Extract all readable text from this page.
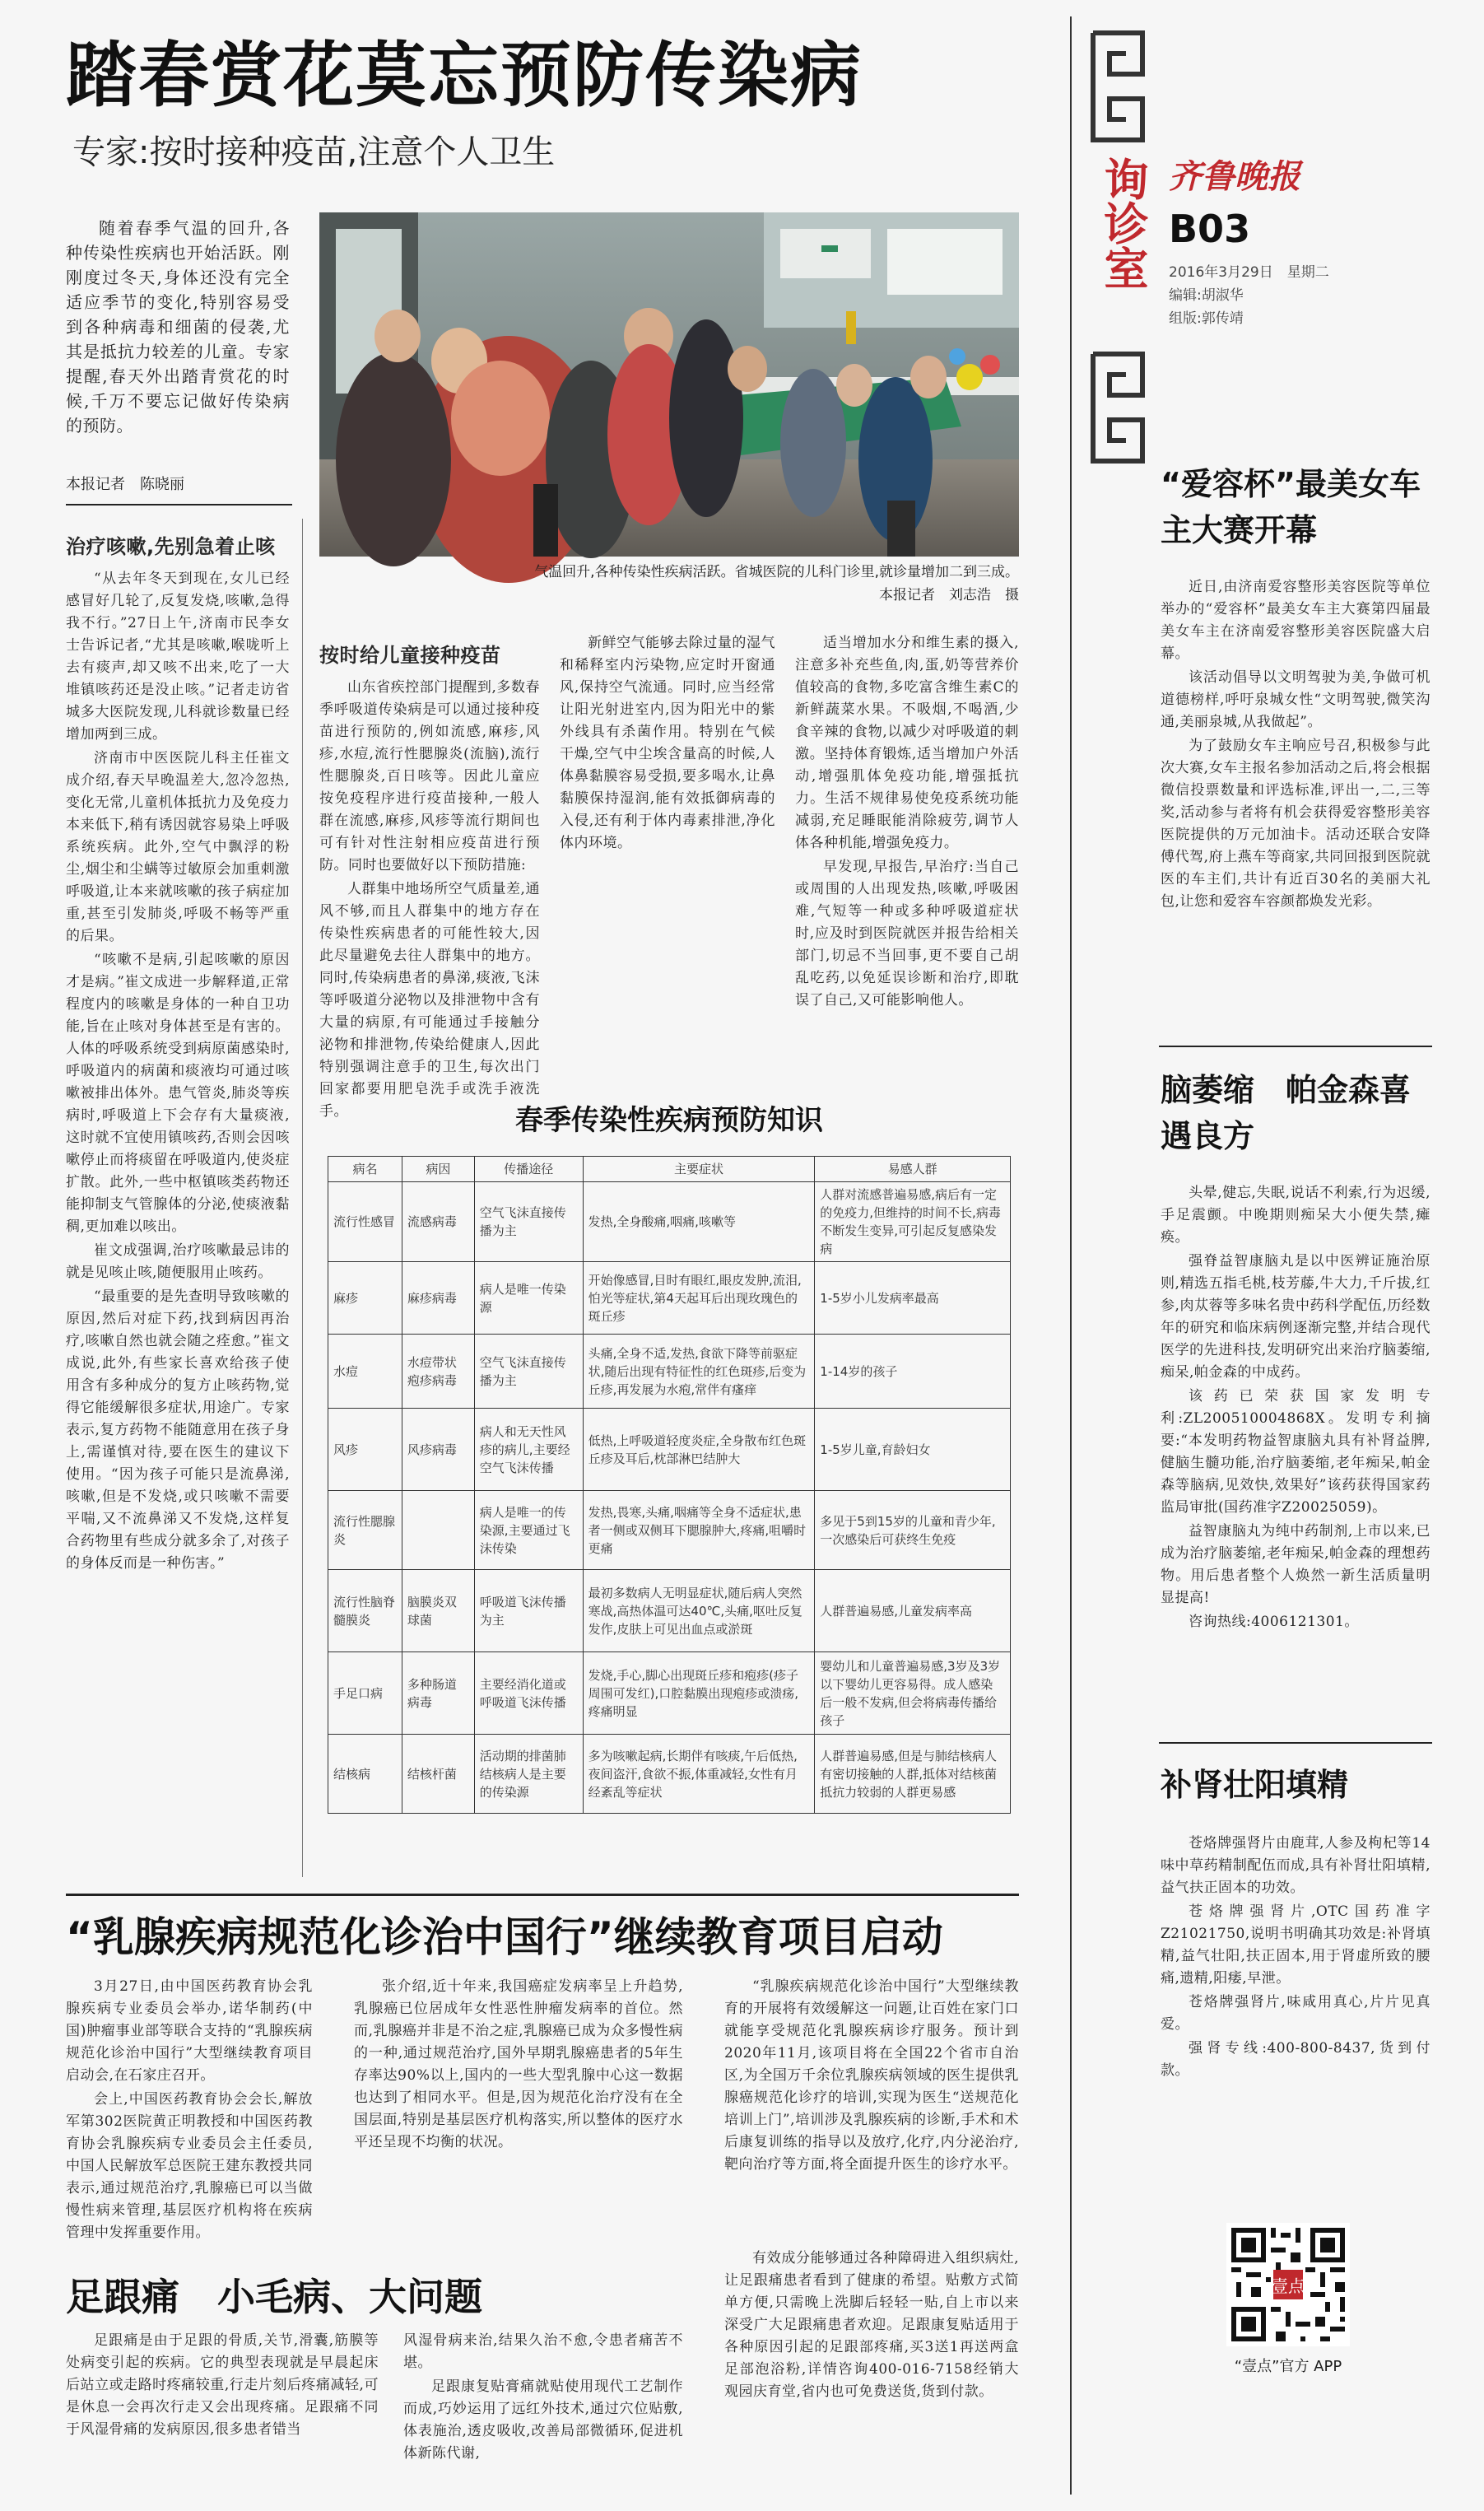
踏春赏花莫忘预防传染病
专家:按时接种疫苗,注意个人卫生

随着春季气温的回升,各种传染性疾病也开始活跃。刚刚度过冬天,身体还没有完全适应季节的变化,特别容易受到各种病毒和细菌的侵袭,尤其是抵抗力较差的儿童。专家提醒,春天外出踏青赏花的时候,千万不要忘记做好传染病的预防。

本报记者　陈晓丽
气温回升,各种传染性疾病活跃。省城医院的儿科门诊里,就诊量增加二到三成。
本报记者　刘志浩　摄
治疗咳嗽,先别急着止咳

“从去年冬天到现在,女儿已经感冒好几轮了,反复发烧,咳嗽,急得我不行。”27日上午,济南市民李女士告诉记者,“尤其是咳嗽,喉咙听上去有痰声,却又咳不出来,吃了一大堆镇咳药还是没止咳。”记者走访省城多大医院发现,儿科就诊数量已经增加两到三成。

济南市中医医院儿科主任崔文成介绍,春天早晚温差大,忽冷忽热,变化无常,儿童机体抵抗力及免疫力本来低下,稍有诱因就容易染上呼吸系统疾病。此外,空气中飘浮的粉尘,烟尘和尘螨等过敏原会加重刺激呼吸道,让本来就咳嗽的孩子病症加重,甚至引发肺炎,呼吸不畅等严重的后果。

“咳嗽不是病,引起咳嗽的原因才是病。”崔文成进一步解释道,正常程度内的咳嗽是身体的一种自卫功能,旨在止咳对身体甚至是有害的。人体的呼吸系统受到病原菌感染时,呼吸道内的病菌和痰液均可通过咳嗽被排出体外。患气管炎,肺炎等疾病时,呼吸道上下会存有大量痰液,这时就不宜使用镇咳药,否则会因咳嗽停止而将痰留在呼吸道内,使炎症扩散。此外,一些中枢镇咳类药物还能抑制支气管腺体的分泌,使痰液黏稠,更加难以咳出。

崔文成强调,治疗咳嗽最忌讳的就是见咳止咳,随便服用止咳药。

“最重要的是先查明导致咳嗽的原因,然后对症下药,找到病因再治疗,咳嗽自然也就会随之痊愈。”崔文成说,此外,有些家长喜欢给孩子使用含有多种成分的复方止咳药物,觉得它能缓解很多症状,用途广。专家表示,复方药物不能随意用在孩子身上,需谨慎对待,要在医生的建议下使用。“因为孩子可能只是流鼻涕,咳嗽,但是不发烧,或只咳嗽不需要平喘,又不流鼻涕又不发烧,这样复合药物里有些成分就多余了,对孩子的身体反而是一种伤害。”

按时给儿童接种疫苗

山东省疾控部门提醒到,多数春季呼吸道传染病是可以通过接种疫苗进行预防的,例如流感,麻疹,风疹,水痘,流行性腮腺炎(流脑),流行性腮腺炎,百日咳等。因此儿童应按免疫程序进行疫苗接种,一般人群在流感,麻疹,风疹等流行期间也可有针对性注射相应疫苗进行预防。同时也要做好以下预防措施:

人群集中地场所空气质量差,通风不够,而且人群集中的地方存在传染性疾病患者的可能性较大,因此尽量避免去往人群集中的地方。同时,传染病患者的鼻涕,痰液,飞沫等呼吸道分泌物以及排泄物中含有大量的病原,有可能通过手接触分泌物和排泄物,传染给健康人,因此特别强调注意手的卫生,每次出门回家都要用肥皂洗手或洗手液洗手。

新鲜空气能够去除过量的湿气和稀释室内污染物,应定时开窗通风,保持空气流通。同时,应当经常让阳光射进室内,因为阳光中的紫外线具有杀菌作用。特别在气候干燥,空气中尘埃含量高的时候,人体鼻黏膜容易受损,要多喝水,让鼻黏膜保持湿润,能有效抵御病毒的入侵,还有利于体内毒素排泄,净化体内环境。

适当增加水分和维生素的摄入,注意多补充些鱼,肉,蛋,奶等营养价值较高的食物,多吃富含维生素C的新鲜蔬菜水果。不吸烟,不喝酒,少食辛辣的食物,以减少对呼吸道的刺激。坚持体育锻炼,适当增加户外活动,增强肌体免疫功能,增强抵抗力。生活不规律易使免疫系统功能减弱,充足睡眠能消除疲劳,调节人体各种机能,增强免疫力。

早发现,早报告,早治疗:当自己或周围的人出现发热,咳嗽,呼吸困难,气短等一种或多种呼吸道症状时,应及时到医院就医并报告给相关部门,切忌不当回事,更不要自己胡乱吃药,以免延误诊断和治疗,即耽误了自己,又可能影响他人。

春季传染性疾病预防知识
病名	病因	传播途径	主要症状	易感人群
流行性感冒	流感病毒	空气飞沫直接传播为主	发热,全身酸痛,咽痛,咳嗽等	人群对流感普遍易感,病后有一定的免疫力,但维持的时间不长,病毒不断发生变异,可引起反复感染发病
麻疹	麻疹病毒	病人是唯一传染源	开始像感冒,目时有眼红,眼皮发肿,流泪,怕光等症状,第4天起耳后出现玫瑰色的斑丘疹	1-5岁小儿发病率最高
水痘	水痘带状疱疹病毒	空气飞沫直接传播为主	头痛,全身不适,发热,食欲下降等前驱症状,随后出现有特征性的红色斑疹,后变为丘疹,再发展为水疱,常伴有瘙痒	1-14岁的孩子
风疹	风疹病毒	病人和无天性风疹的病儿,主要经空气飞沫传播	低热,上呼吸道轻度炎症,全身散布红色斑丘疹及耳后,枕部淋巴结肿大	1-5岁儿童,育龄妇女
流行性腮腺炎		病人是唯一的传染源,主要通过飞沫传染	发热,畏寒,头痛,咽痛等全身不适症状,患者一侧或双侧耳下腮腺肿大,疼痛,咀嚼时更痛	多见于5到15岁的儿童和青少年,一次感染后可获终生免疫
流行性脑脊髓膜炎	脑膜炎双球菌	呼吸道飞沫传播为主	最初多数病人无明显症状,随后病人突然寒战,高热体温可达40℃,头痛,呕吐反复发作,皮肤上可见出血点或淤斑	人群普遍易感,儿童发病率高
手足口病	多种肠道病毒	主要经消化道或呼吸道飞沫传播	发烧,手心,脚心出现斑丘疹和疱疹(疹子周围可发红),口腔黏膜出现疱疹或溃疡,疼痛明显	婴幼儿和儿童普遍易感,3岁及3岁以下婴幼儿更容易得。成人感染后一般不发病,但会将病毒传播给孩子
结核病	结核杆菌	活动期的排菌肺结核病人是主要的传染源	多为咳嗽起病,长期伴有咳痰,午后低热,夜间盗汗,食欲不振,体重减轻,女性有月经紊乱等症状	人群普遍易感,但是与肺结核病人有密切接触的人群,抵体对结核菌抵抗力较弱的人群更易感
“乳腺疾病规范化诊治中国行”继续教育项目启动

3月27日,由中国医药教育协会乳腺疾病专业委员会举办,诺华制药(中国)肿瘤事业部等联合支持的“乳腺疾病规范化诊治中国行”大型继续教育项目启动会,在石家庄召开。

会上,中国医药教育协会会长,解放军第302医院黄正明教授和中国医药教育协会乳腺疾病专业委员会主任委员,中国人民解放军总医院王建东教授共同表示,通过规范治疗,乳腺癌已可以当做慢性病来管理,基层医疗机构将在疾病管理中发挥重要作用。

张介绍,近十年来,我国癌症发病率呈上升趋势,乳腺癌已位居成年女性恶性肿瘤发病率的首位。然而,乳腺癌并非是不治之症,乳腺癌已成为众多慢性病的一种,通过规范治疗,国外早期乳腺癌患者的5年生存率达90%以上,国内的一些大型乳腺中心这一数据也达到了相同水平。但是,因为规范化治疗没有在全国层面,特别是基层医疗机构落实,所以整体的医疗水平还呈现不均衡的状况。

“乳腺疾病规范化诊治中国行”大型继续教育的开展将有效缓解这一问题,让百姓在家门口就能享受规范化乳腺疾病诊疗服务。预计到2020年11月,该项目将在全国22个省市自治区,为全国万千余位乳腺疾病领域的医生提供乳腺癌规范化诊疗的培训,实现为医生“送规范化培训上门”,培训涉及乳腺疾病的诊断,手术和术后康复训练的指导以及放疗,化疗,内分泌治疗,靶向治疗等方面,将全面提升医生的诊疗水平。

足跟痛　小毛病、大问题

足跟痛是由于足跟的骨质,关节,滑囊,筋膜等处病变引起的疾病。它的典型表现就是早晨起床后站立或走路时疼痛较重,行走片刻后疼痛减轻,可是休息一会再次行走又会出现疼痛。足跟痛不同于风湿骨痛的发病原因,很多患者错当

风湿骨病来治,结果久治不愈,令患者痛苦不堪。

足跟康复贴膏痛就贴使用现代工艺制作而成,巧妙运用了远红外技术,通过穴位贴敷,体表施治,透皮吸收,改善局部微循环,促进机体新陈代谢,

有效成分能够通过各种障碍进入组织病灶,让足跟痛患者看到了健康的希望。贴敷方式简单方便,只需晚上洗脚后轻轻一贴,自上市以来深受广大足跟痛患者欢迎。足跟康复贴适用于各种原因引起的足跟部疼痛,买3送1再送两盒足部泡浴粉,详情咨询400-016-7158经销大观园庆育堂,省内也可免费送货,货到付款。

询诊室 齐鲁晚报
B03
2016年3月29日　星期二
编辑:胡淑华
组版:郭传靖
“爱容杯”最美女车主大赛开幕

近日,由济南爱容整形美容医院等单位举办的“爱容杯”最美女车主大赛第四届最美女车主在济南爱容整形美容医院盛大启幕。

该活动倡导以文明驾驶为美,争做可机道德榜样,呼吁泉城女性“文明驾驶,微笑沟通,美丽泉城,从我做起”。

为了鼓励女车主响应号召,积极参与此次大赛,女车主报名参加活动之后,将会根据微信投票数量和评选标准,评出一,二,三等奖,活动参与者将有机会获得爱容整形美容医院提供的万元加油卡。活动还联合安降傅代驾,府上燕车等商家,共同回报到医院就医的车主们,共计有近百30名的美丽大礼包,让您和爱容车容颜都焕发光彩。

脑萎缩　帕金森喜遇良方

头晕,健忘,失眠,说话不利索,行为迟缓,手足震颤。中晚期则痴呆大小便失禁,瘫痪。

强脊益智康脑丸是以中医辨证施治原则,精选五指毛桃,枝芳藤,牛大力,千斤拔,红参,肉苁蓉等多味名贵中药科学配伍,历经数年的研究和临床病例逐渐完整,并结合现代医学的先进科技,发明研究出来治疗脑萎缩,痴呆,帕金森的中成药。

该药已荣获国家发明专利:ZL200510004868X。发明专利摘要:“本发明药物益智康脑丸具有补肾益脾,健脑生髓功能,治疗脑萎缩,老年痴呆,帕金森等脑病,见效快,效果好”该药获得国家药监局审批(国药准字Z20025059)。

益智康脑丸为纯中药制剂,上市以来,已成为治疗脑萎缩,老年痴呆,帕金森的理想药物。用后患者整个人焕然一新生活质量明显提高!

咨询热线:4006121301。

补肾壮阳填精

苍烙牌强肾片由鹿茸,人参及枸杞等14味中草药精制配伍而成,具有补肾壮阳填精,益气扶正固本的功效。

苍烙牌强肾片,OTC国药准字Z21021750,说明书明确其功效是:补肾填精,益气壮阳,扶正固本,用于肾虚所致的腰痛,遗精,阳痿,早泄。

苍烙牌强肾片,味咸用真心,片片见真爱。

强肾专线:400-800-8437,货到付款。

壹点
“壹点”官方 APP
